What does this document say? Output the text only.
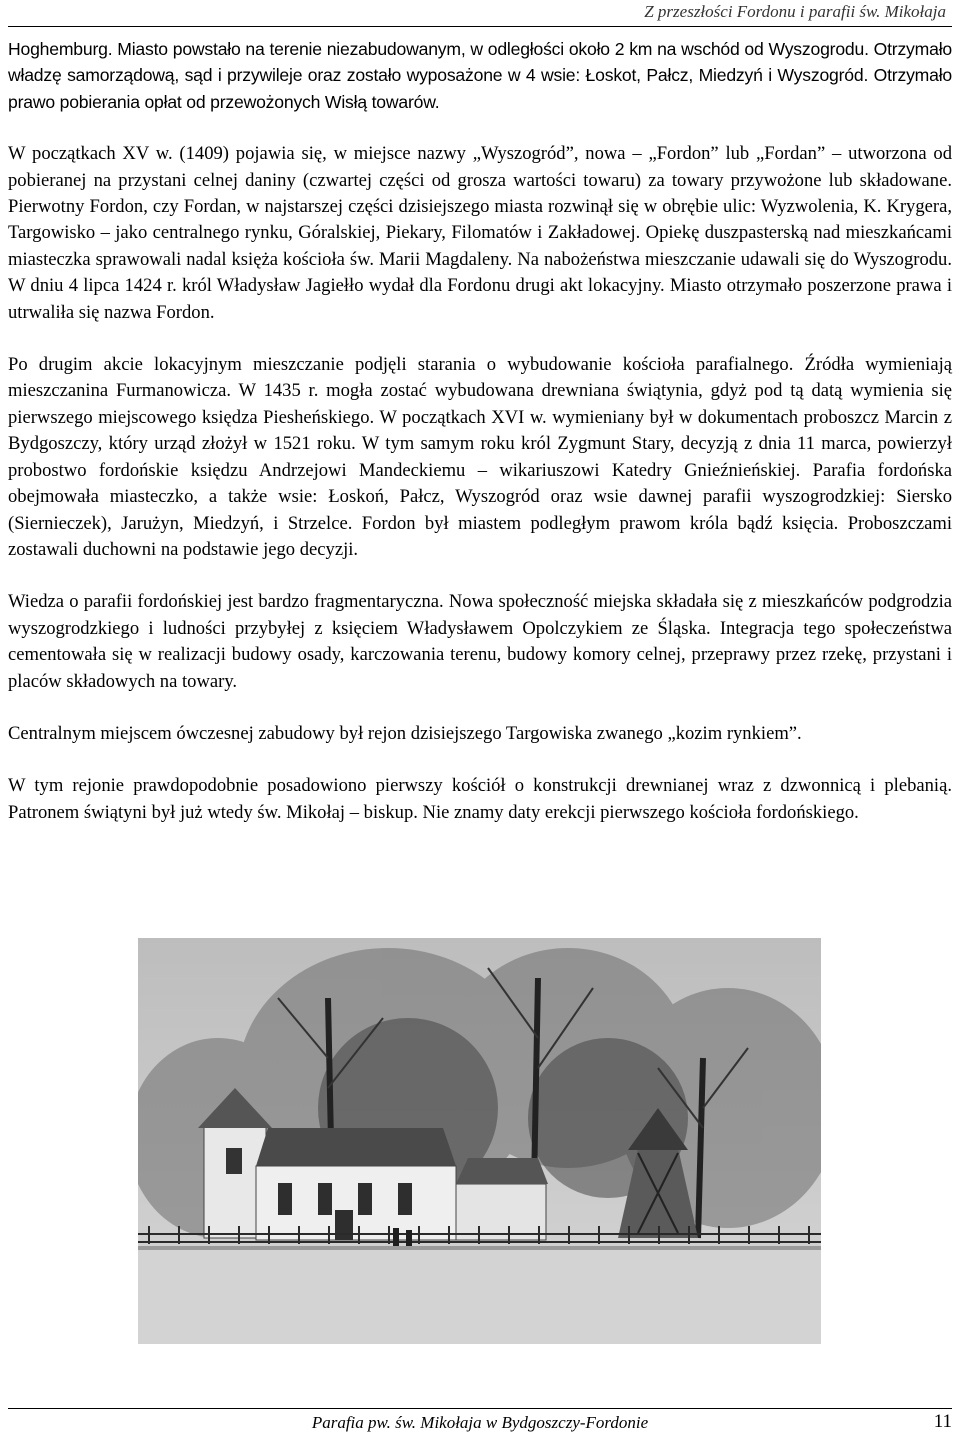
Z przeszłości Fordonu i parafii św. Mikołaja

Hoghemburg. Miasto powstało na terenie niezabudowanym, w odległości około 2 km na wschód od Wyszogrodu. Otrzymało władzę samorządową, sąd i przywileje oraz zostało wyposażone w 4 wsie: Łoskot, Pałcz, Miedzyń i Wyszogród. Otrzymało prawo pobierania opłat od przewożonych Wisłą towarów.

W początkach XV w. (1409) pojawia się, w miejsce nazwy „Wyszogród”, nowa – „Fordon” lub „Fordan” – utworzona od pobieranej na przystani celnej daniny (czwartej części od grosza wartości towaru) za towary przywożone lub składowane. Pierwotny Fordon, czy Fordan, w najstarszej części dzisiejszego miasta rozwinął się w obrębie ulic: Wyzwolenia, K. Krygera, Targowisko – jako centralnego rynku, Góralskiej, Piekary, Filomatów i Zakładowej. Opiekę duszpasterską nad mieszkańcami miasteczka sprawowali nadal księża kościoła św. Marii Magdaleny. Na nabożeństwa mieszczanie udawali się do Wyszogrodu. W dniu 4 lipca 1424 r. król Władysław Jagiełło wydał dla Fordonu drugi akt lokacyjny. Miasto otrzymało poszerzone prawa i utrwaliła się nazwa Fordon.

Po drugim akcie lokacyjnym mieszczanie podjęli starania o wybudowanie kościoła parafialnego. Źródła wymieniają mieszczanina Furmanowicza. W 1435 r. mogła zostać wybudowana drewniana świątynia, gdyż pod tą datą wymienia się pierwszego miejscowego księdza Piesheńskiego. W początkach XVI w. wymieniany był w dokumentach proboszcz Marcin z Bydgoszczy, który urząd złożył w 1521 roku. W tym samym roku król Zygmunt Stary, decyzją z dnia 11 marca, powierzył probostwo fordońskie księdzu Andrzejowi Mandeckiemu – wikariuszowi Katedry Gnieźnieńskiej. Parafia fordońska obejmowała miasteczko, a także wsie: Łoskoń, Pałcz, Wyszogród oraz wsie dawnej parafii wyszogrodzkiej: Siersko (Siernieczek), Jarużyn, Miedzyń, i Strzelce. Fordon był miastem podległym prawom króla bądź księcia. Proboszczami zostawali duchowni na podstawie jego decyzji.

Wiedza o parafii fordońskiej jest bardzo fragmentaryczna. Nowa społeczność miejska składała się z mieszkańców podgrodzia wyszogrodzkiego i ludności przybyłej z księciem Władysławem Opolczykiem ze Śląska. Integracja tego społeczeństwa cementowała się w realizacji budowy osady, karczowania terenu, budowy komory celnej, przeprawy przez rzekę, przystani i placów składowych na towary.

Centralnym miejscem ówczesnej zabudowy był rejon dzisiejszego Targowiska zwanego „kozim rynkiem”.

W tym rejonie prawdopodobnie posadowiono pierwszy kościół o konstrukcji drewnianej wraz z dzwonnicą i plebanią. Patronem świątyni był już wtedy św. Mikołaj – biskup. Nie znamy daty erekcji pierwszego kościoła fordońskiego.

Parafia pw. św. Mikołaja w Bydgoszczy-Fordonie	11
